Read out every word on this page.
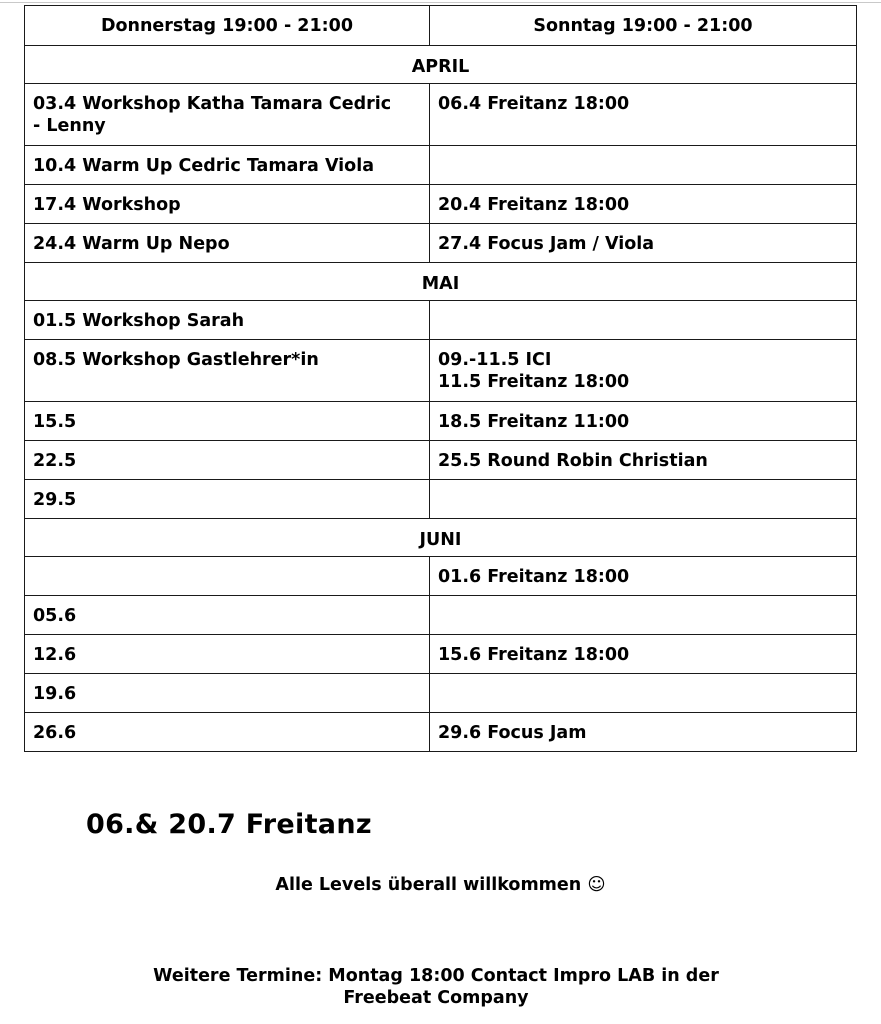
Donnerstag 19:00 - 21:00	Sonntag 19:00 - 21:00
APRIL	

03.4 Workshop Katha Tamara Cedric
- Lenny	06.4 Freitanz 18:00

10.4 Warm Up Cedric Tamara Viola	

17.4 Workshop	20.4 Freitanz 18:00

24.4 Warm Up Nepo	27.4 Focus Jam / Viola

MAI	

01.5 Workshop Sarah	

08.5 Workshop Gastlehrer*in	09.-11.5 ICI
11.5 Freitanz 18:00

15.5	18.5 Freitanz 11:00

22.5	25.5 Round Robin Christian

29.5	

JUNI	

	01.6 Freitanz 18:00

05.6	

12.6	15.6 Freitanz 18:00

19.6	

26.6	29.6 Focus Jam
06.& 20.7 Freitanz
Alle Levels überall willkommen ☺
Weitere Termine: Montag 18:00 Contact Impro LAB in der Freebeat Company
